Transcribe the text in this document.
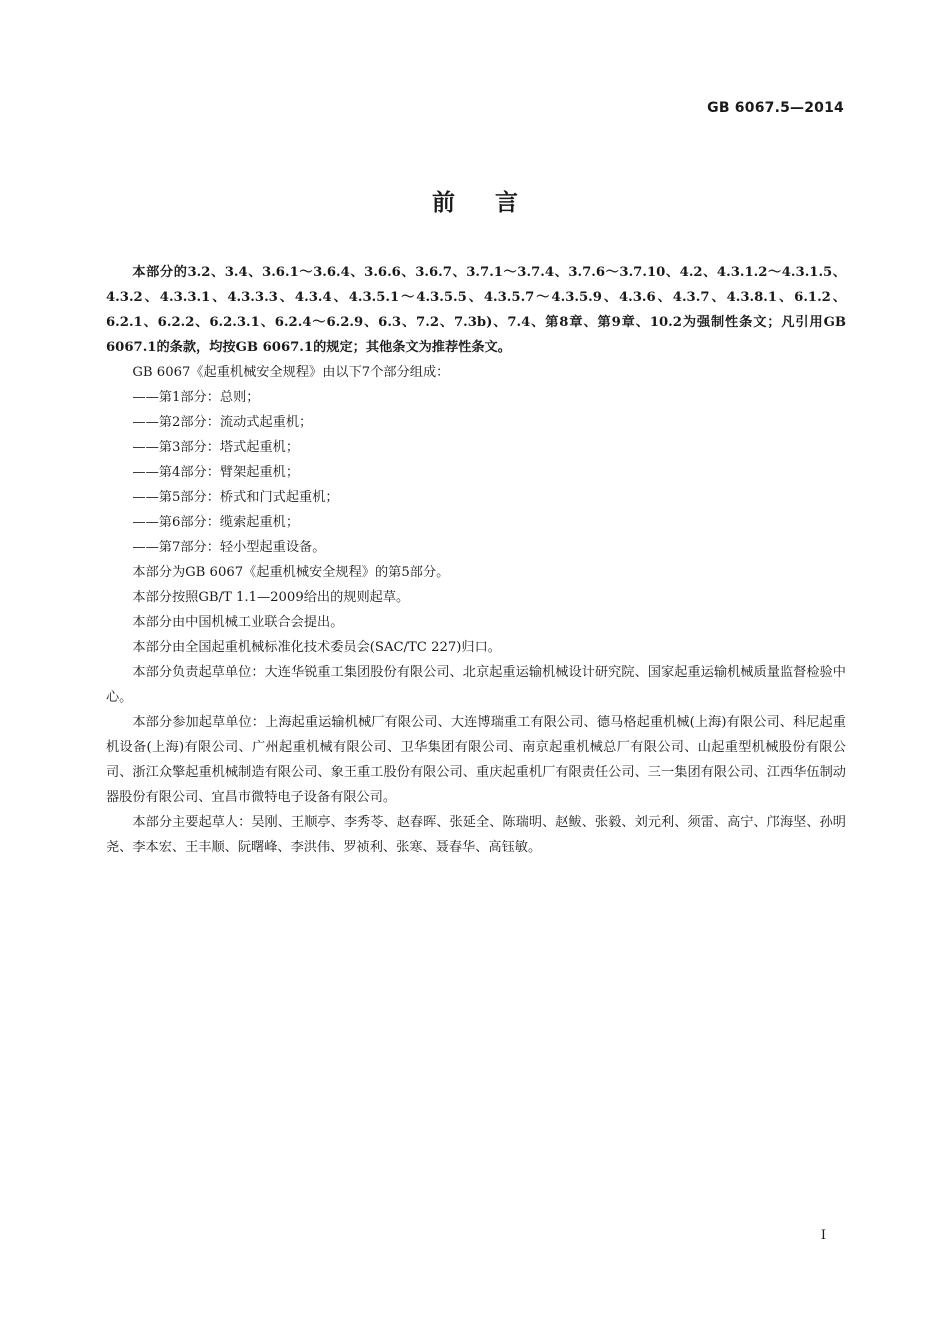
GB 6067.5—2014
前言

本部分的3.2、3.4、3.6.1～3.6.4、3.6.6、3.6.7、3.7.1～3.7.4、3.7.6～3.7.10、4.2、4.3.1.2～4.3.1.5、4.3.2、4.3.3.1、4.3.3.3、4.3.4、4.3.5.1～4.3.5.5、4.3.5.7～4.3.5.9、4.3.6、4.3.7、4.3.8.1、6.1.2、6.2.1、6.2.2、6.2.3.1、6.2.4～6.2.9、6.3、7.2、7.3b)、7.4、第8章、第9章、10.2为强制性条文；凡引用GB 6067.1的条款，均按GB 6067.1的规定；其他条文为推荐性条文。

GB 6067《起重机械安全规程》由以下7个部分组成：

——第1部分：总则；

——第2部分：流动式起重机；

——第3部分：塔式起重机；

——第4部分：臂架起重机；

——第5部分：桥式和门式起重机；

——第6部分：缆索起重机；

——第7部分：轻小型起重设备。

本部分为GB 6067《起重机械安全规程》的第5部分。

本部分按照GB/T 1.1—2009给出的规则起草。

本部分由中国机械工业联合会提出。

本部分由全国起重机械标准化技术委员会(SAC/TC 227)归口。

本部分负责起草单位：大连华锐重工集团股份有限公司、北京起重运输机械设计研究院、国家起重运输机械质量监督检验中心。

本部分参加起草单位：上海起重运输机械厂有限公司、大连博瑞重工有限公司、德马格起重机械(上海)有限公司、科尼起重机设备(上海)有限公司、广州起重机械有限公司、卫华集团有限公司、南京起重机械总厂有限公司、山起重型机械股份有限公司、浙江众擎起重机械制造有限公司、象王重工股份有限公司、重庆起重机厂有限责任公司、三一集团有限公司、江西华伍制动器股份有限公司、宜昌市微特电子设备有限公司。

本部分主要起草人：吴刚、王顺亭、李秀苓、赵春晖、张延全、陈瑞明、赵鲅、张毅、刘元利、须雷、高宁、邝海坚、孙明尧、李本宏、王丰顺、阮曙峰、李洪伟、罗祯利、张寒、聂春华、高钰敏。

I
